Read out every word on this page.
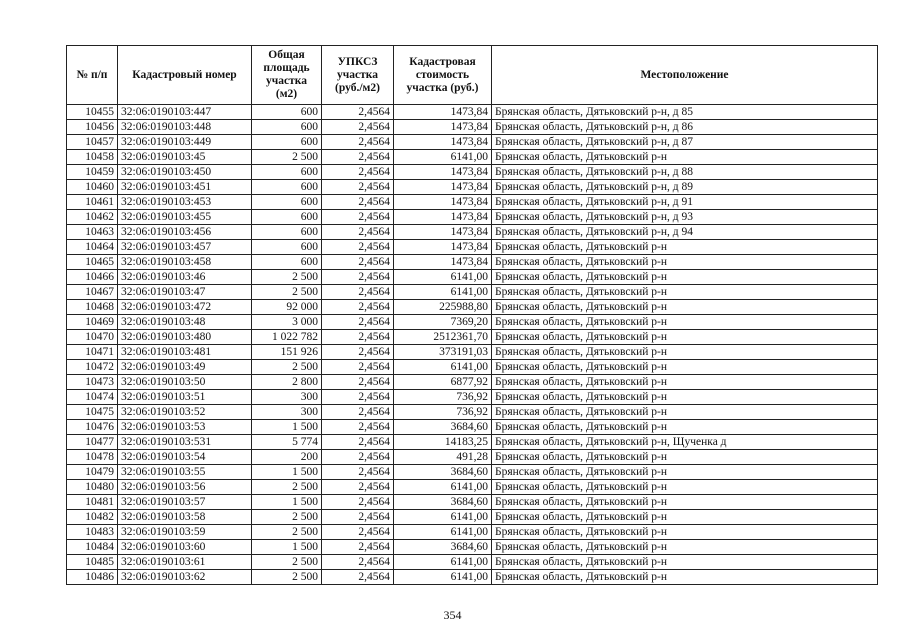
№ п/п	Кадастровый номер	Общая площадь участка (м2)	УПКСЗ участка (руб./м2)	Кадастровая стоимость участка (руб.)	Местоположение
10455	32:06:0190103:447	600	2,4564	1473,84	Брянская область, Дятьковский р-н, д 85
10456	32:06:0190103:448	600	2,4564	1473,84	Брянская область, Дятьковский р-н, д 86
10457	32:06:0190103:449	600	2,4564	1473,84	Брянская область, Дятьковский р-н, д 87
10458	32:06:0190103:45	2 500	2,4564	6141,00	Брянская область, Дятьковский р-н
10459	32:06:0190103:450	600	2,4564	1473,84	Брянская область, Дятьковский р-н, д 88
10460	32:06:0190103:451	600	2,4564	1473,84	Брянская область, Дятьковский р-н, д 89
10461	32:06:0190103:453	600	2,4564	1473,84	Брянская область, Дятьковский р-н, д 91
10462	32:06:0190103:455	600	2,4564	1473,84	Брянская область, Дятьковский р-н, д 93
10463	32:06:0190103:456	600	2,4564	1473,84	Брянская область, Дятьковский р-н, д 94
10464	32:06:0190103:457	600	2,4564	1473,84	Брянская область, Дятьковский р-н
10465	32:06:0190103:458	600	2,4564	1473,84	Брянская область, Дятьковский р-н
10466	32:06:0190103:46	2 500	2,4564	6141,00	Брянская область, Дятьковский р-н
10467	32:06:0190103:47	2 500	2,4564	6141,00	Брянская область, Дятьковский р-н
10468	32:06:0190103:472	92 000	2,4564	225988,80	Брянская область, Дятьковский р-н
10469	32:06:0190103:48	3 000	2,4564	7369,20	Брянская область, Дятьковский р-н
10470	32:06:0190103:480	1 022 782	2,4564	2512361,70	Брянская область, Дятьковский р-н
10471	32:06:0190103:481	151 926	2,4564	373191,03	Брянская область, Дятьковский р-н
10472	32:06:0190103:49	2 500	2,4564	6141,00	Брянская область, Дятьковский р-н
10473	32:06:0190103:50	2 800	2,4564	6877,92	Брянская область, Дятьковский р-н
10474	32:06:0190103:51	300	2,4564	736,92	Брянская область, Дятьковский р-н
10475	32:06:0190103:52	300	2,4564	736,92	Брянская область, Дятьковский р-н
10476	32:06:0190103:53	1 500	2,4564	3684,60	Брянская область, Дятьковский р-н
10477	32:06:0190103:531	5 774	2,4564	14183,25	Брянская область, Дятьковский р-н, Щученка д
10478	32:06:0190103:54	200	2,4564	491,28	Брянская область, Дятьковский р-н
10479	32:06:0190103:55	1 500	2,4564	3684,60	Брянская область, Дятьковский р-н
10480	32:06:0190103:56	2 500	2,4564	6141,00	Брянская область, Дятьковский р-н
10481	32:06:0190103:57	1 500	2,4564	3684,60	Брянская область, Дятьковский р-н
10482	32:06:0190103:58	2 500	2,4564	6141,00	Брянская область, Дятьковский р-н
10483	32:06:0190103:59	2 500	2,4564	6141,00	Брянская область, Дятьковский р-н
10484	32:06:0190103:60	1 500	2,4564	3684,60	Брянская область, Дятьковский р-н
10485	32:06:0190103:61	2 500	2,4564	6141,00	Брянская область, Дятьковский р-н
10486	32:06:0190103:62	2 500	2,4564	6141,00	Брянская область, Дятьковский р-н
354
